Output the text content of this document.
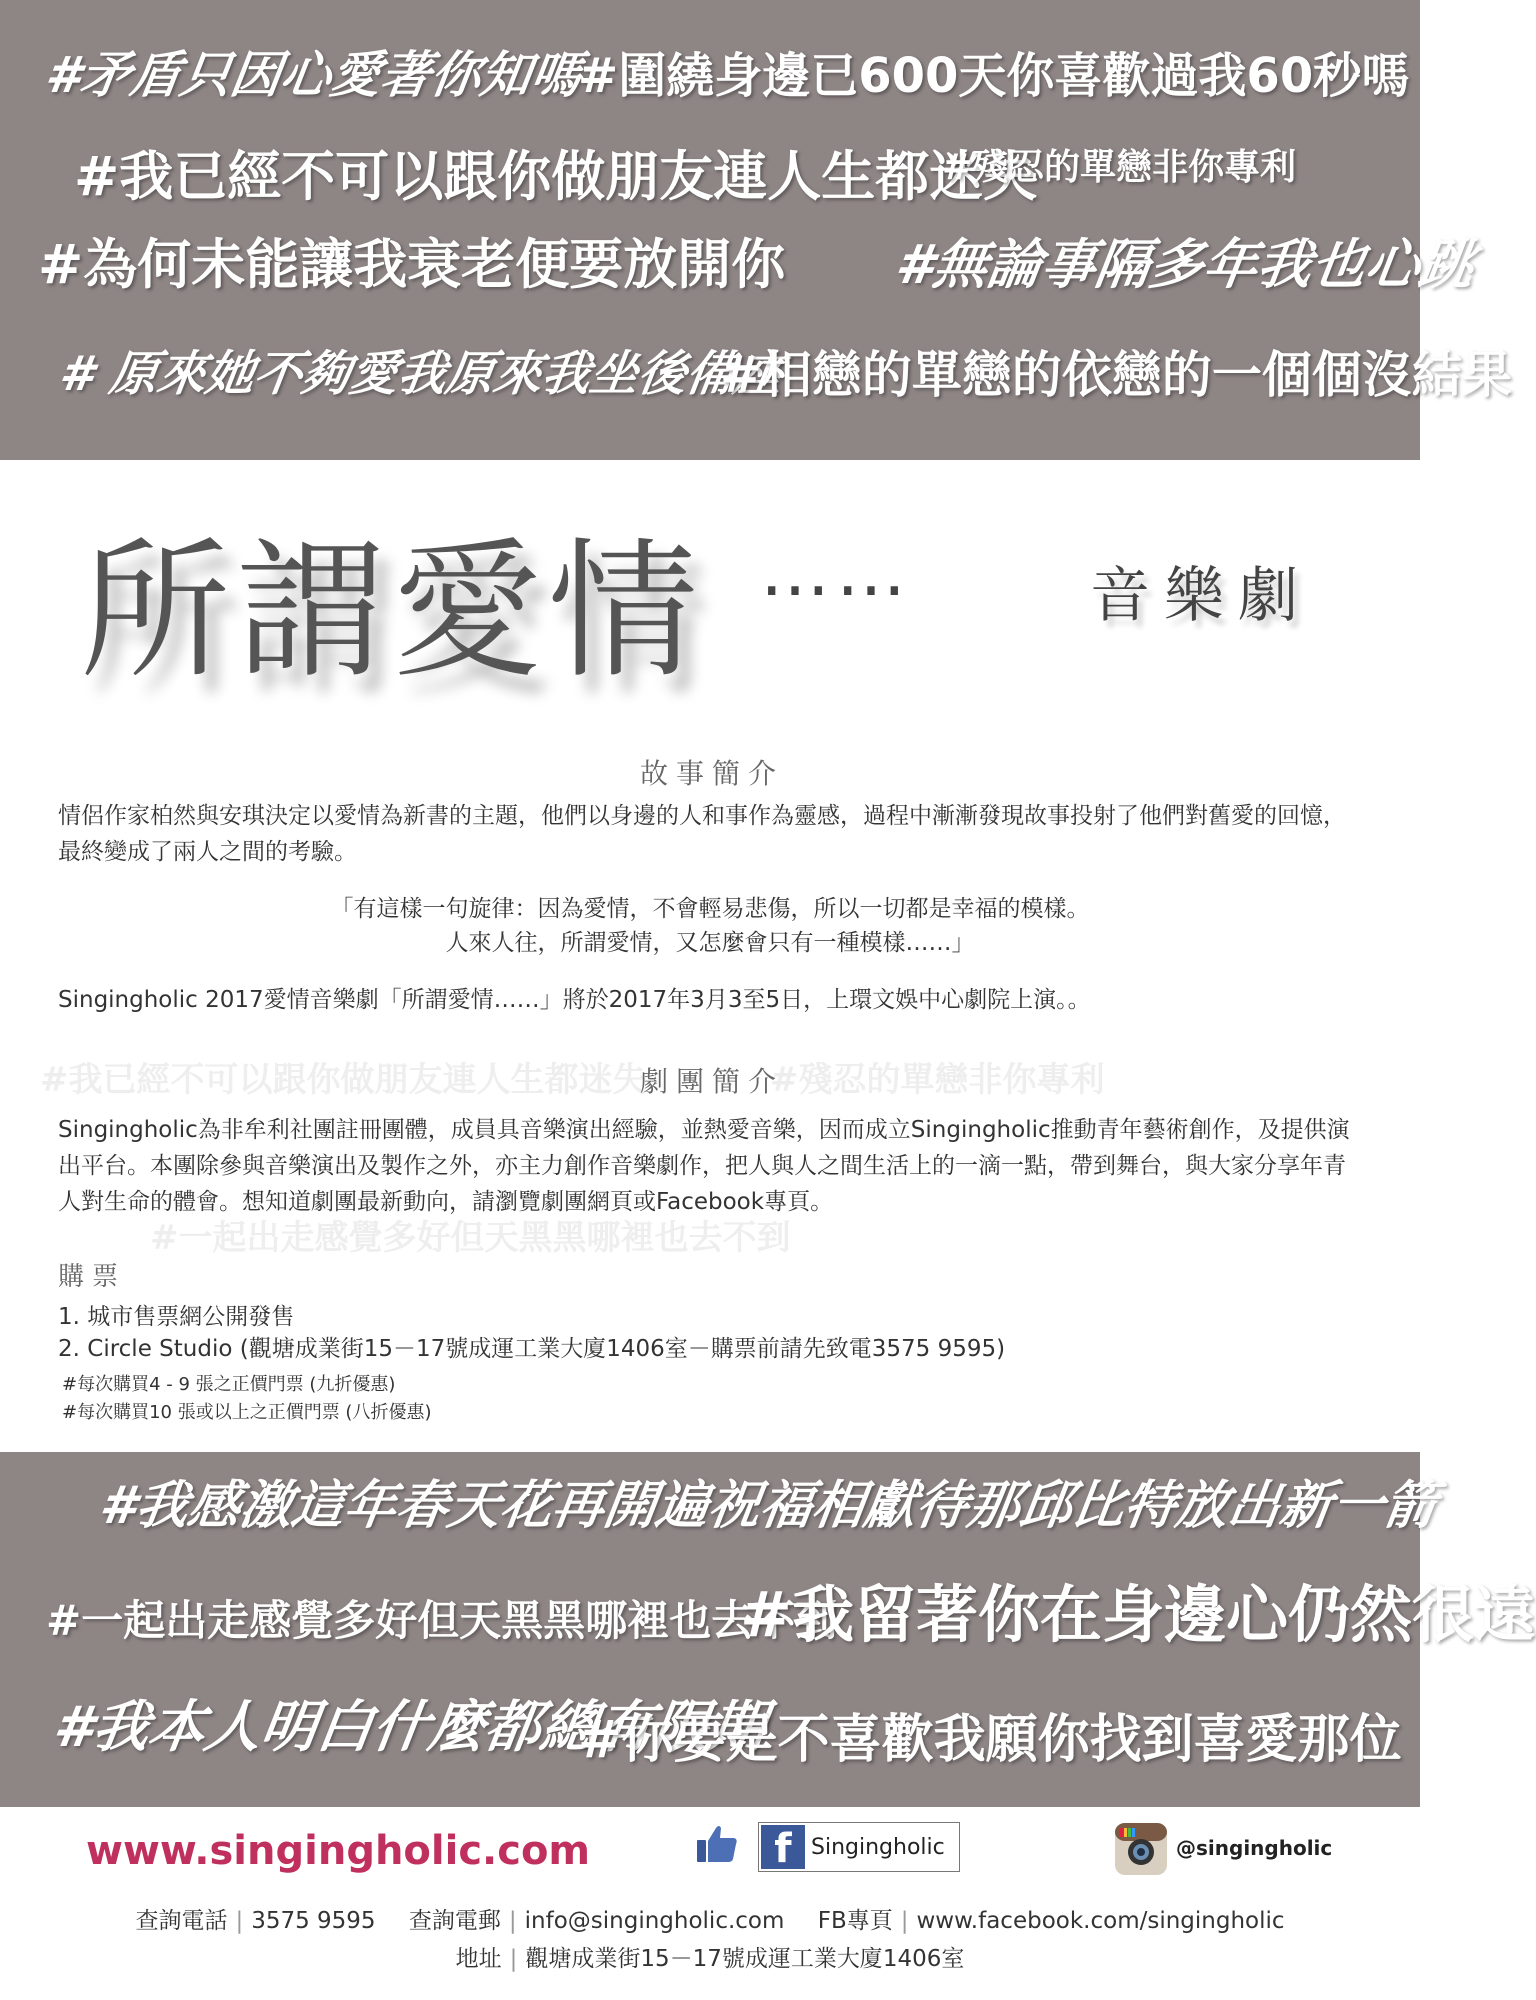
#矛盾只因心愛著你知嗎
#圍繞身邊已600天你喜歡過我60秒嗎
#我已經不可以跟你做朋友連人生都迷失
#殘忍的單戀非你專利
#為何未能讓我衰老便要放開你 #無論事隔多年我也心跳
# 原來她不夠愛我原來我坐後備座
#相戀的單戀的依戀的一個個沒結果
所謂愛情 ……	音樂劇
#我已經不可以跟你做朋友連人生都迷失	#殘忍的單戀非你專利
#一起出走感覺多好但天黑黑哪裡也去不到
故事簡介
情侶作家柏然與安琪決定以愛情為新書的主題，他們以身邊的人和事作為靈感，過程中漸漸發現故事投射了他們對舊愛的回憶，最終變成了兩人之間的考驗。
「有這樣一句旋律：因為愛情，不會輕易悲傷，所以一切都是幸福的模樣。
人來人往，所謂愛情，又怎麼會只有一種模樣……」
Singingholic 2017愛情音樂劇「所謂愛情……」將於2017年3月3至5日，上環文娛中心劇院上演。。
劇團簡介
Singingholic為非牟利社團註冊團體，成員具音樂演出經驗，並熱愛音樂，因而成立Singingholic推動青年藝術創作，及提供演出平台。本團除參與音樂演出及製作之外，亦主力創作音樂劇作，把人與人之間生活上的一滴一點，帶到舞台，與大家分享年青人對生命的體會。想知道劇團最新動向，請瀏覽劇團網頁或Facebook專頁。
購票
1. 城市售票網公開發售
2. Circle Studio (觀塘成業街15－17號成運工業大廈1406室－購票前請先致電3575 9595)
#每次購買4 - 9 張之正價門票 (九折優惠)
#每次購買10 張或以上之正價門票 (八折優惠)
#我感激這年春天花再開遍祝福相獻待那邱比特放出新一箭
#一起出走感覺多好但天黑黑哪裡也去不到
#我留著你在身邊心仍然很遠
#我本人明白什麼都總有限期
#你要是不喜歡我願你找到喜愛那位
www.singingholic.com	f Singingholic	@singingholic
查詢電話 | 3575 9595 查詢電郵 | info@singingholic.com FB專頁 | www.facebook.com/singingholic
地址 | 觀塘成業街15－17號成運工業大廈1406室
